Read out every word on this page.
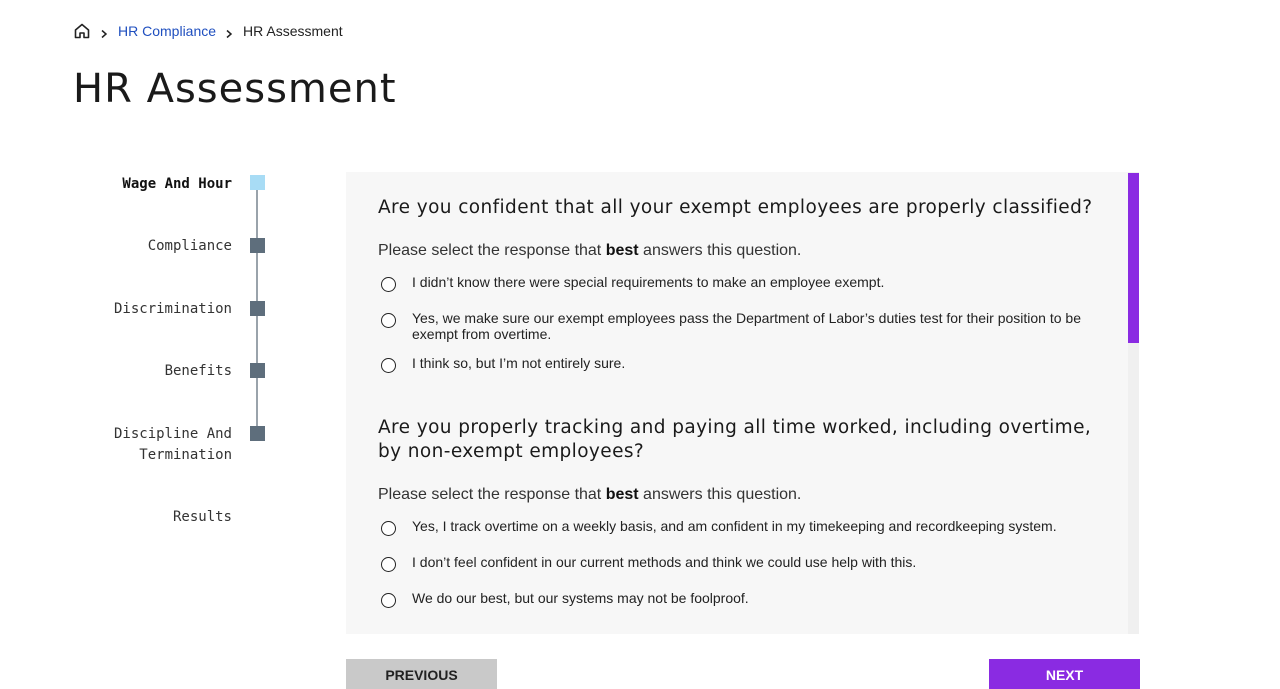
HR Compliance HR Assessment
HR Assessment
Wage And Hour
Compliance
Discrimination
Benefits
Discipline And Termination
Results
Are you confident that all your exempt employees are properly classified?
Please select the response that best answers this question.
I didn’t know there were special requirements to make an employee exempt.
Yes, we make sure our exempt employees pass the Department of Labor’s duties test for their position to be exempt from overtime.
I think so, but I’m not entirely sure.
Are you properly tracking and paying all time worked, including overtime, by non-exempt employees?
Please select the response that best answers this question.
Yes, I track overtime on a weekly basis, and am confident in my timekeeping and recordkeeping system.
I don’t feel confident in our current methods and think we could use help with this.
We do our best, but our systems may not be foolproof.
PREVIOUS	NEXT
